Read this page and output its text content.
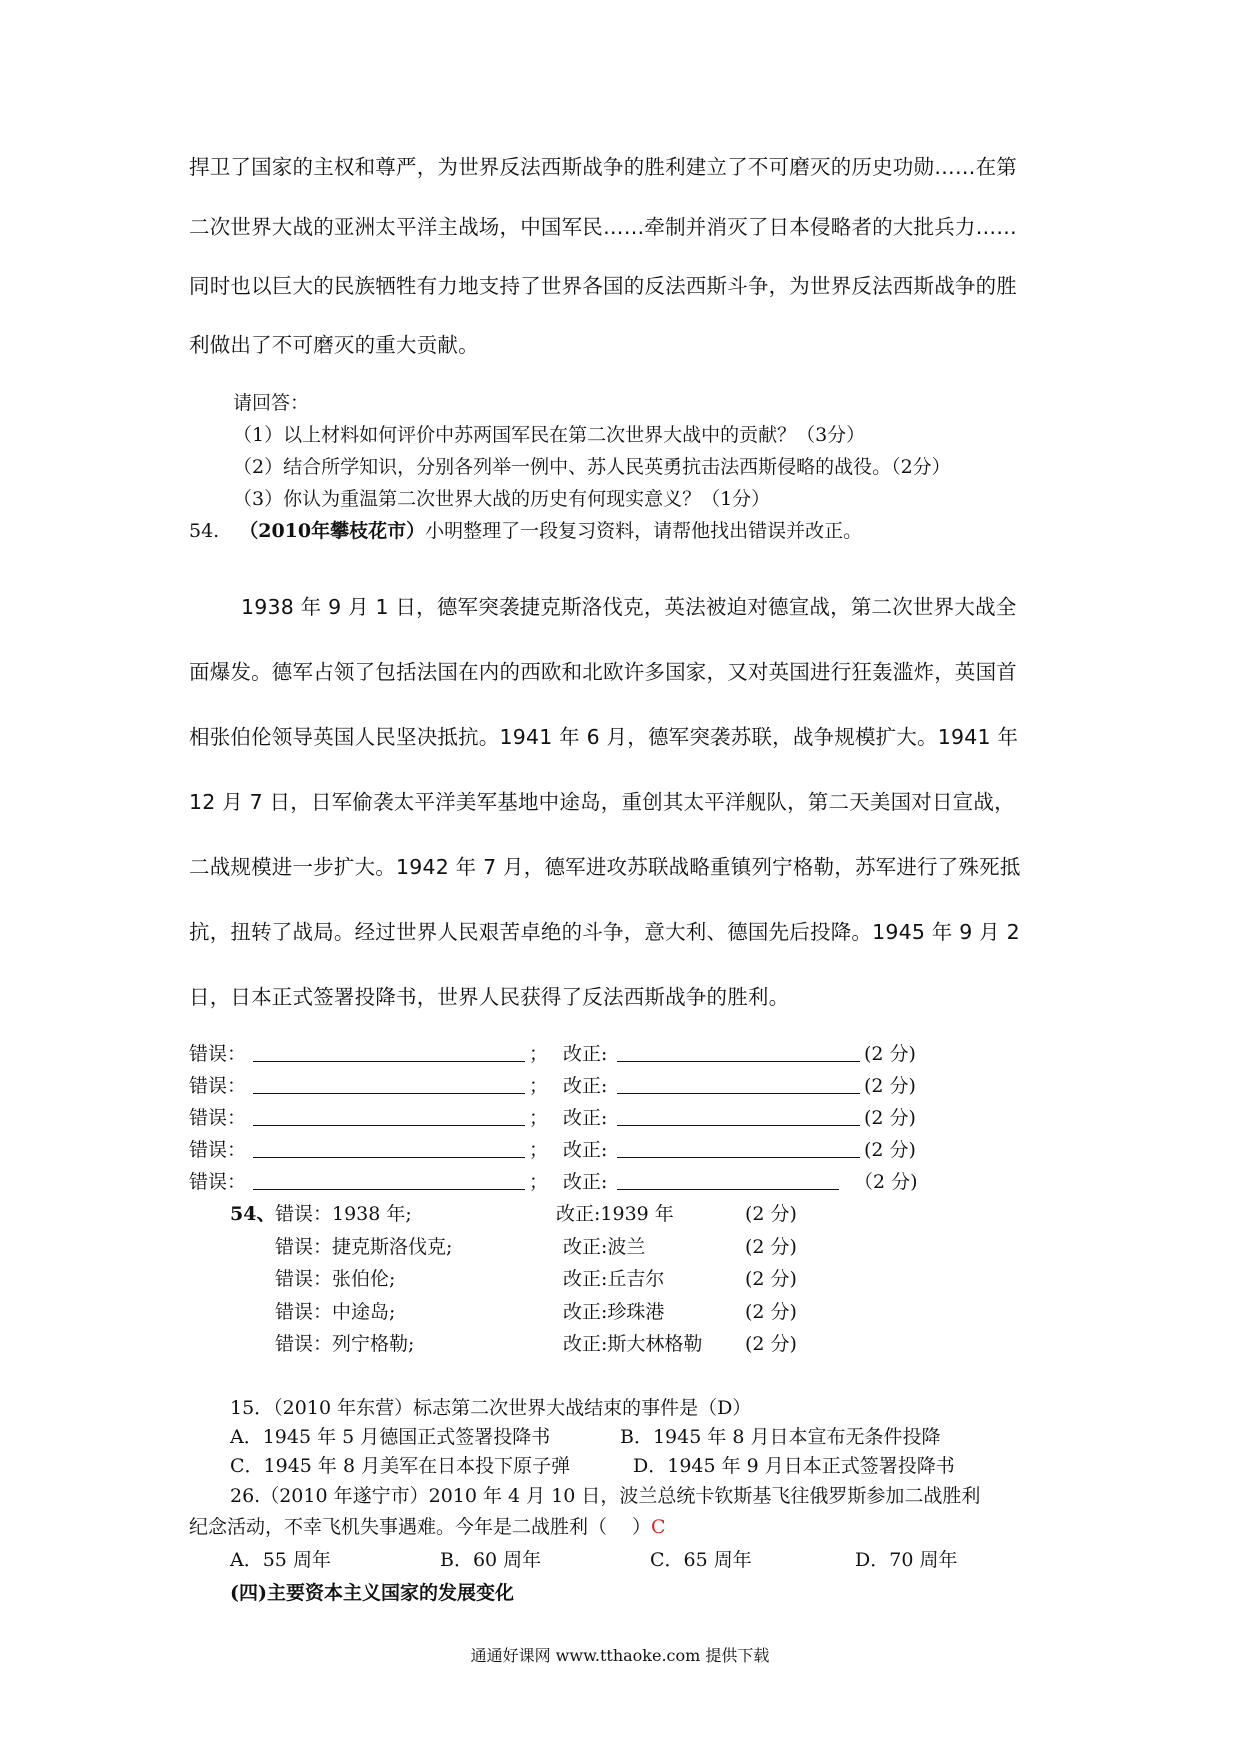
捍卫了国家的主权和尊严，为世界反法西斯战争的胜利建立了不可磨灭的历史功勋……在第
二次世界大战的亚洲太平洋主战场，中国军民……牵制并消灭了日本侵略者的大批兵力……
同时也以巨大的民族牺牲有力地支持了世界各国的反法西斯斗争，为世界反法西斯战争的胜
利做出了不可磨灭的重大贡献。
请回答：
（1）以上材料如何评价中苏两国军民在第二次世界大战中的贡献？（3分）
（2）结合所学知识，分别各列举一例中、苏人民英勇抗击法西斯侵略的战役。（2分）
（3）你认为重温第二次世界大战的历史有何现实意义？（1分）
54. （2010年攀枝花市）小明整理了一段复习资料，请帮他找出错误并改正。
1938 年 9 月 1 日，德军突袭捷克斯洛伐克，英法被迫对德宣战，第二次世界大战全
面爆发。德军占领了包括法国在内的西欧和北欧许多国家，又对英国进行狂轰滥炸，英国首
相张伯伦领导英国人民坚决抵抗。1941 年 6 月，德军突袭苏联，战争规模扩大。1941 年
12 月 7 日，日军偷袭太平洋美军基地中途岛，重创其太平洋舰队，第二天美国对日宣战，
二战规模进一步扩大。1942 年 7 月，德军进攻苏联战略重镇列宁格勒，苏军进行了殊死抵
抗，扭转了战局。经过世界人民艰苦卓绝的斗争，意大利、德国先后投降。1945 年 9 月 2
日，日本正式签署投降书，世界人民获得了反法西斯战争的胜利。
错误：	； 改正:	(2 分)
错误：	； 改正:	(2 分)
错误：	； 改正:	(2 分)
错误：	； 改正:	(2 分)
错误：	； 改正:	（2 分)
54、 错误：1938 年;	改正:1939 年	(2 分)
错误：捷克斯洛伐克;	改正:波兰	(2 分)
错误：张伯伦;	改正:丘吉尔	(2 分)
错误：中途岛;	改正:珍珠港	(2 分)
错误：列宁格勒;	改正:斯大林格勒 (2 分)
15．（2010 年东营）标志第二次世界大战结束的事件是（D）
A．1945 年 5 月德国正式签署投降书	B．1945 年 8 月日本宣布无条件投降
C．1945 年 8 月美军在日本投下原子弹	D．1945 年 9 月日本正式签署投降书
26.（2010 年遂宁市）2010 年 4 月 10 日，波兰总统卡钦斯基飞往俄罗斯参加二战胜利
纪念活动，不幸飞机失事遇难。今年是二战胜利（　 ）C
A．55 周年	B．60 周年	C．65 周年	D．70 周年
(四)主要资本主义国家的发展变化
通通好课网 www.tthaoke.com 提供下载
